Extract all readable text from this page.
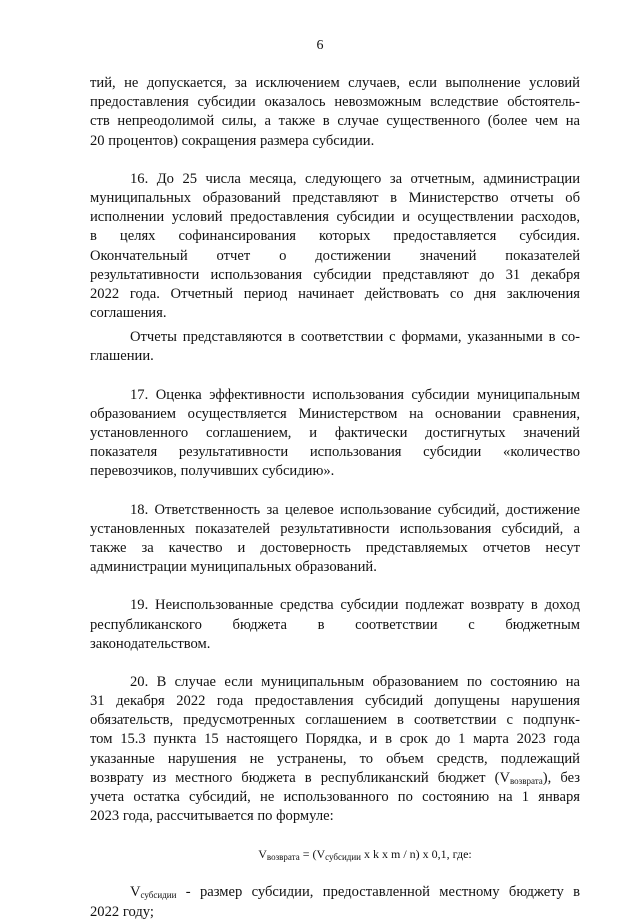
6
тий, не допускается, за исключением случаев, если выполнение условий
предоставления субсидии оказалось невозможным вследствие обстоятель-
ств непреодолимой силы, а также в случае существенного (более чем на
20 процентов) сокращения размера субсидии.
16. До 25 числа месяца, следующего за отчетным, администрации
муниципальных образований представляют в Министерство отчеты об
исполнении условий предоставления субсидии и осуществлении расходов,
в целях софинансирования которых предоставляется субсидия.
Окончательный отчет о достижении значений показателей
результативности использования субсидии представляют до 31 декабря
2022 года. Отчетный период начинает действовать со дня заключения
соглашения.
Отчеты представляются в соответствии с формами, указанными в со-
глашении.
17. Оценка эффективности использования субсидии муниципальным
образованием осуществляется Министерством на основании сравнения,
установленного соглашением, и фактически достигнутых значений
показателя результативности использования субсидии «количество
перевозчиков, получивших субсидию».
18. Ответственность за целевое использование субсидий, достижение
установленных показателей результативности использования субсидий, а
также за качество и достоверность представляемых отчетов несут
администрации муниципальных образований.
19. Неиспользованные средства субсидии подлежат возврату в доход
республиканского бюджета в соответствии с бюджетным
законодательством.
20. В случае если муниципальным образованием по состоянию на
31 декабря 2022 года предоставления субсидий допущены нарушения
обязательств, предусмотренных соглашением в соответствии с подпунк-
том 15.3 пункта 15 настоящего Порядка, и в срок до 1 марта 2023 года
указанные нарушения не устранены, то объем средств, подлежащий
возврату из местного бюджета в республиканский бюджет $(V_{возврата})$, без
учета остатка субсидий, не использованного по состоянию на 1 января
2023 года, рассчитывается по формуле:
$V_{возврата} = (V_{субсидии}$ x k x m / n) x 0,1, где:
$V_{субсидии}$ - размер субсидии, предоставленной местному бюджету в
2022 году;
